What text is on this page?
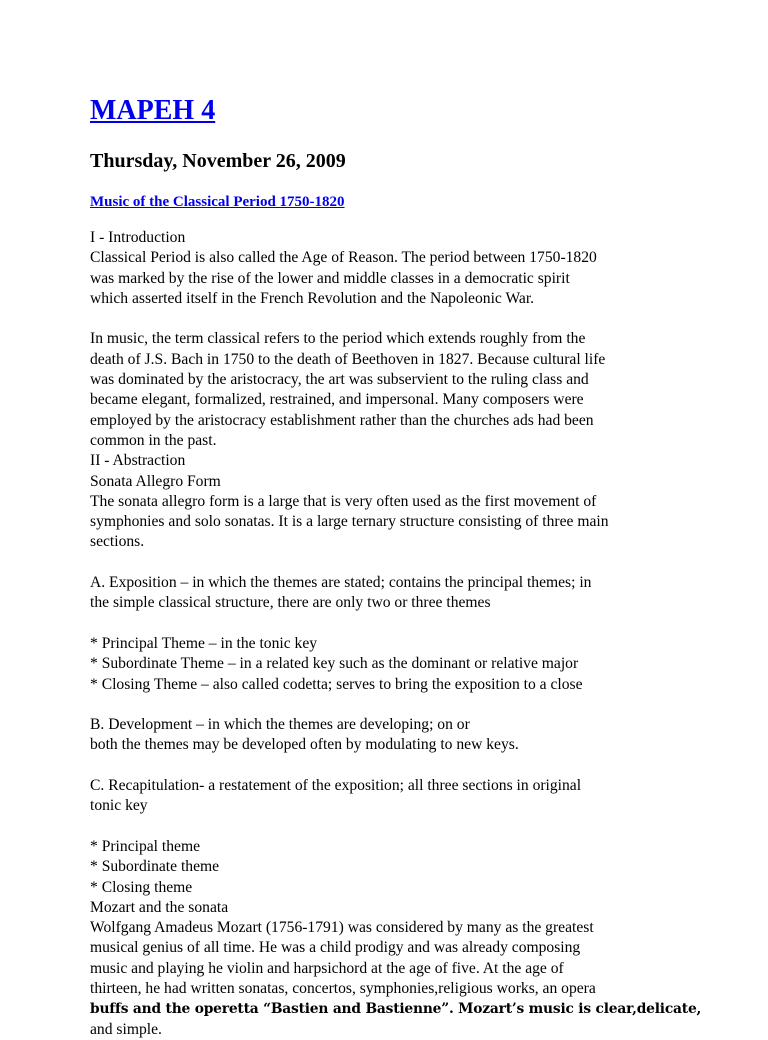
MAPEH 4
Thursday, November 26, 2009
Music of the Classical Period 1750-1820
I - Introduction
Classical Period is also called the Age of Reason. The period between 1750-1820
was marked by the rise of the lower and middle classes in a democratic spirit
which asserted itself in the French Revolution and the Napoleonic War.
In music, the term classical refers to the period which extends roughly from the
death of J.S. Bach in 1750 to the death of Beethoven in 1827. Because cultural life
was dominated by the aristocracy, the art was subservient to the ruling class and
became elegant, formalized, restrained, and impersonal. Many composers were
employed by the aristocracy establishment rather than the churches ads had been
common in the past.
II - Abstraction
Sonata Allegro Form
The sonata allegro form is a large that is very often used as the first movement of
symphonies and solo sonatas. It is a large ternary structure consisting of three main
sections.
A. Exposition – in which the themes are stated; contains the principal themes; in
the simple classical structure, there are only two or three themes
* Principal Theme – in the tonic key
* Subordinate Theme – in a related key such as the dominant or relative major
* Closing Theme – also called codetta; serves to bring the exposition to a close
B. Development – in which the themes are developing; on or
both the themes may be developed often by modulating to new keys.
C. Recapitulation- a restatement of the exposition; all three sections in original
tonic key
* Principal theme
* Subordinate theme
* Closing theme
Mozart and the sonata
Wolfgang Amadeus Mozart (1756-1791) was considered by many as the greatest
musical genius of all time. He was a child prodigy and was already composing
music and playing he violin and harpsichord at the age of five. At the age of
thirteen, he had written sonatas, concertos, symphonies,religious works, an opera
buffs and the operetta “Bastien and Bastienne”. Mozart’s music is clear,delicate,
and simple.
